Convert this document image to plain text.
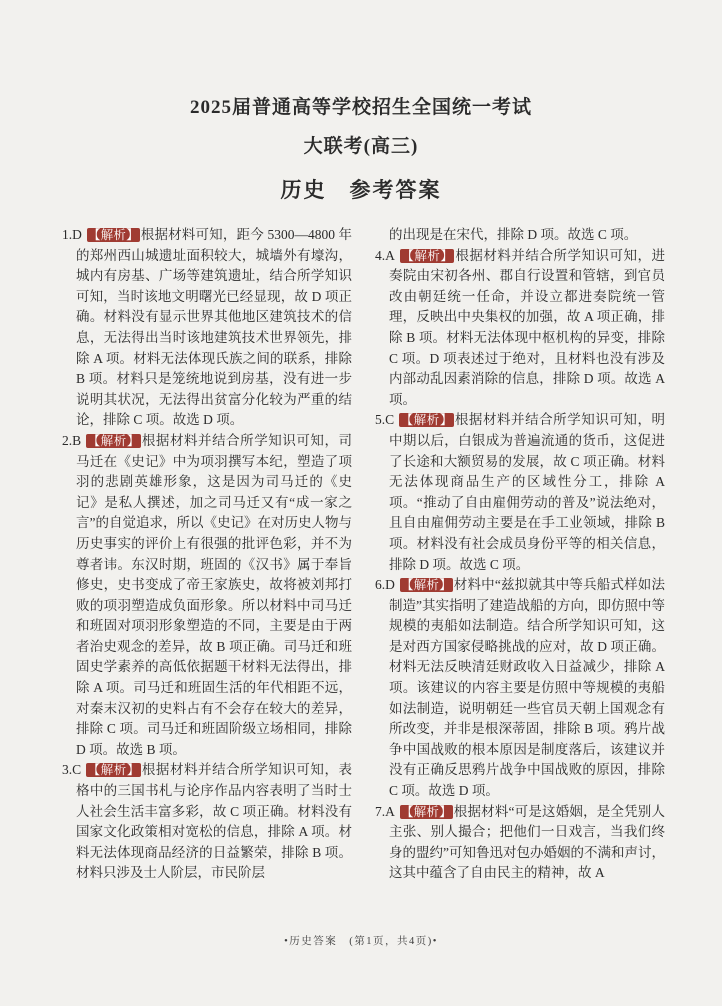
2025届普通高等学校招生全国统一考试
大联考(高三)
历史　参考答案

1.D 【解析】 根据材料可知，距今 5300—4800 年的郑州西山城遗址面积较大，城墙外有壕沟，城内有房基、广场等建筑遗址，结合所学知识可知，当时该地文明曙光已经显现，故 D 项正确。材料没有显示世界其他地区建筑技术的信息，无法得出当时该地建筑技术世界领先，排除 A 项。材料无法体现氏族之间的联系，排除 B 项。材料只是笼统地说到房基，没有进一步说明其状况，无法得出贫富分化较为严重的结论，排除 C 项。故选 D 项。

2.B 【解析】 根据材料并结合所学知识可知，司马迁在《史记》中为项羽撰写本纪，塑造了项羽的悲剧英雄形象，这是因为司马迁的《史记》是私人撰述，加之司马迁又有“成一家之言”的自觉追求，所以《史记》在对历史人物与历史事实的评价上有很强的批评色彩，并不为尊者讳。东汉时期，班固的《汉书》属于奉旨修史，史书变成了帝王家族史，故将被刘邦打败的项羽塑造成负面形象。所以材料中司马迁和班固对项羽形象塑造的不同，主要是由于两者治史观念的差异，故 B 项正确。司马迁和班固史学素养的高低依据题干材料无法得出，排除 A 项。司马迁和班固生活的年代相距不远，对秦末汉初的史料占有不会存在较大的差异，排除 C 项。司马迁和班固阶级立场相同，排除 D 项。故选 B 项。

3.C 【解析】 根据材料并结合所学知识可知，表格中的三国书札与论序作品内容表明了当时士人社会生活丰富多彩，故 C 项正确。材料没有国家文化政策相对宽松的信息，排除 A 项。材料无法体现商品经济的日益繁荣，排除 B 项。材料只涉及士人阶层，市民阶层

的出现是在宋代，排除 D 项。故选 C 项。

4.A 【解析】 根据材料并结合所学知识可知，进奏院由宋初各州、郡自行设置和管辖，到官员改由朝廷统一任命，并设立都进奏院统一管理，反映出中央集权的加强，故 A 项正确，排除 B 项。材料无法体现中枢机构的异变，排除 C 项。D 项表述过于绝对，且材料也没有涉及内部动乱因素消除的信息，排除 D 项。故选 A 项。

5.C 【解析】 根据材料并结合所学知识可知，明中期以后，白银成为普遍流通的货币，这促进了长途和大额贸易的发展，故 C 项正确。材料无法体现商品生产的区域性分工，排除 A 项。“推动了自由雇佣劳动的普及”说法绝对，且自由雇佣劳动主要是在手工业领域，排除 B 项。材料没有社会成员身份平等的相关信息，排除 D 项。故选 C 项。

6.D 【解析】 材料中“兹拟就其中等兵船式样如法制造”其实指明了建造战船的方向，即仿照中等规模的夷船如法制造。结合所学知识可知，这是对西方国家侵略挑战的应对，故 D 项正确。材料无法反映清廷财政收入日益减少，排除 A 项。该建议的内容主要是仿照中等规模的夷船如法制造，说明朝廷一些官员天朝上国观念有所改变，并非是根深蒂固，排除 B 项。鸦片战争中国战败的根本原因是制度落后，该建议并没有正确反思鸦片战争中国战败的原因，排除 C 项。故选 D 项。

7.A 【解析】 根据材料“可是这婚姻，是全凭别人主张、别人撮合；把他们一日戏言，当我们终身的盟约”可知鲁迅对包办婚姻的不满和声讨，这其中蕴含了自由民主的精神，故 A

•历史答案　(第1页，共4页)•
